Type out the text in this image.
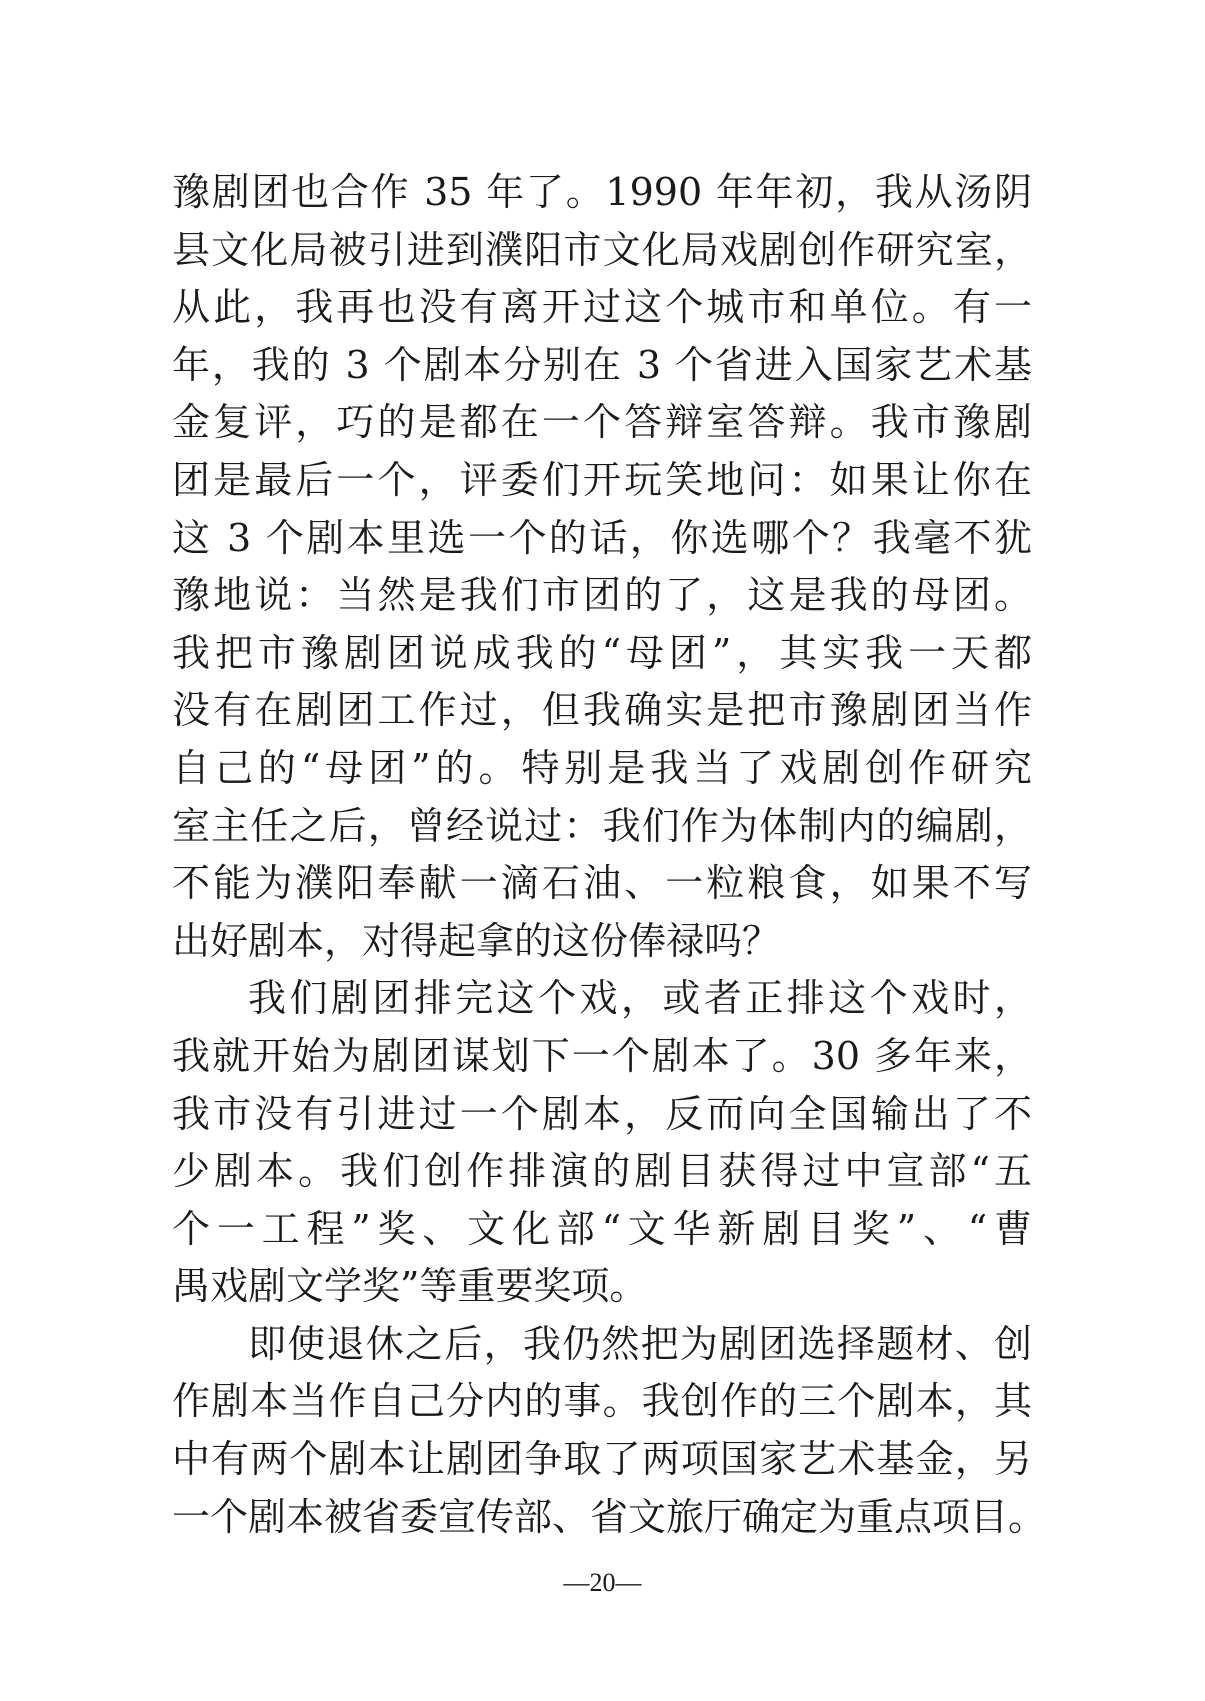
豫剧团也合作 35 年了。1990 年年初，我从汤阴
县文化局被引进到濮阳市文化局戏剧创作研究室，
从此，我再也没有离开过这个城市和单位。有一
年，我的 3 个剧本分别在 3 个省进入国家艺术基
金复评，巧的是都在一个答辩室答辩。我市豫剧
团是最后一个，评委们开玩笑地问：如果让你在
这 3 个剧本里选一个的话，你选哪个？我毫不犹
豫地说：当然是我们市团的了，这是我的母团。
我把市豫剧团说成我的“母团”，其实我一天都
没有在剧团工作过，但我确实是把市豫剧团当作
自己的“母团”的。特别是我当了戏剧创作研究
室主任之后，曾经说过：我们作为体制内的编剧，
不能为濮阳奉献一滴石油、一粒粮食，如果不写
出好剧本，对得起拿的这份俸禄吗？
我们剧团排完这个戏，或者正排这个戏时，
我就开始为剧团谋划下一个剧本了。30 多年来，
我市没有引进过一个剧本，反而向全国输出了不
少剧本。我们创作排演的剧目获得过中宣部“五
个一工程”奖、文化部“文华新剧目奖”、“曹
禺戏剧文学奖”等重要奖项。
即使退休之后，我仍然把为剧团选择题材、创
作剧本当作自己分内的事。我创作的三个剧本，其
中有两个剧本让剧团争取了两项国家艺术基金，另
一个剧本被省委宣传部、省文旅厅确定为重点项目。
—20—
